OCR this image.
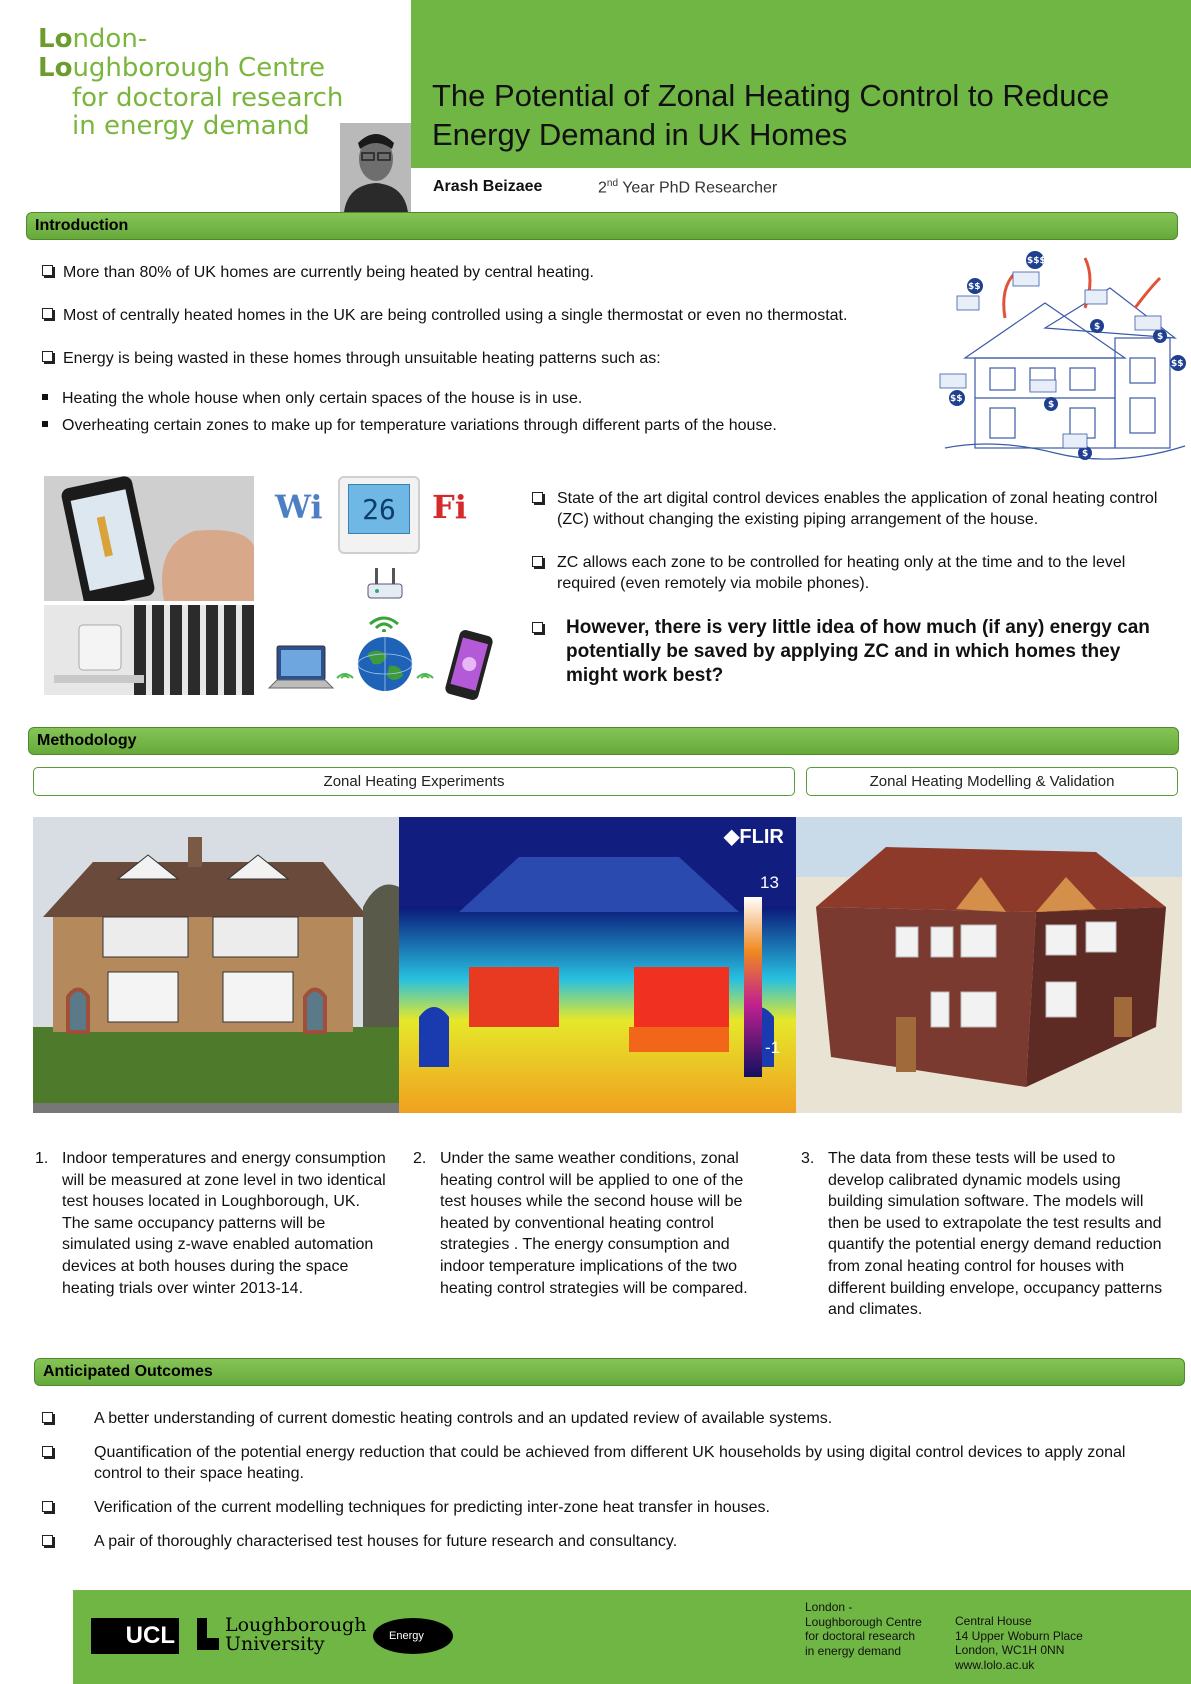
London-
Loughborough Centre
for doctoral research
in energy demand
The Potential of Zonal Heating Control to Reduce Energy Demand in UK Homes
Arash Beizaee	2nd Year PhD Researcher
Introduction
More than 80% of UK homes are currently being heated by central heating.
Most of centrally heated homes in the UK are being controlled using a single thermostat or even no thermostat.
Energy is being wasted in these homes through unsuitable heating patterns such as:
Heating the whole house when only certain spaces of the house is in use.
Overheating certain zones to make up for temperature variations through different parts of the house.
$$$
$$
$
$
$$
$$
$
$
Wi	Fi
26	State of the art digital control devices enables the application of zonal heating control (ZC) without changing the existing piping arrangement of the house.
ZC allows each zone to be controlled for heating only at the time and to the level required (even remotely via mobile phones).
However, there is very little idea of how much (if any) energy can potentially be saved by applying ZC and in which homes they might work best?
Methodology
Zonal Heating Experiments	Zonal Heating Modelling & Validation
◆FLIR
13
-1
1. Indoor temperatures and energy consumption will be measured at zone level in two identical test houses located in Loughborough, UK. The same occupancy patterns will be simulated using z-wave enabled automation devices at both houses during the space heating trials over winter 2013-14.
2. Under the same weather conditions, zonal heating control will be applied to one of the test houses while the second house will be heated by conventional heating control strategies . The energy consumption and indoor temperature implications of the two heating control strategies will be compared.
3. The data from these tests will be used to develop calibrated dynamic models using building simulation software. The models will then be used to extrapolate the test results and quantify the potential energy demand reduction from zonal heating control for houses with different building envelope, occupancy patterns and climates.
Anticipated Outcomes
A better understanding of current domestic heating controls and an updated review of available systems.
Quantification of the potential energy reduction that could be achieved from different UK households by using digital control devices to apply zonal control to their space heating.
Verification of the current modelling techniques for predicting inter-zone heat transfer in houses.
A pair of thoroughly characterised test houses for future research and consultancy.
UCL	Loughborough
University	Energy
London -
Loughborough Centre
for doctoral research
in energy demand
Central House
14 Upper Woburn Place
London, WC1H 0NN
www.lolo.ac.uk
